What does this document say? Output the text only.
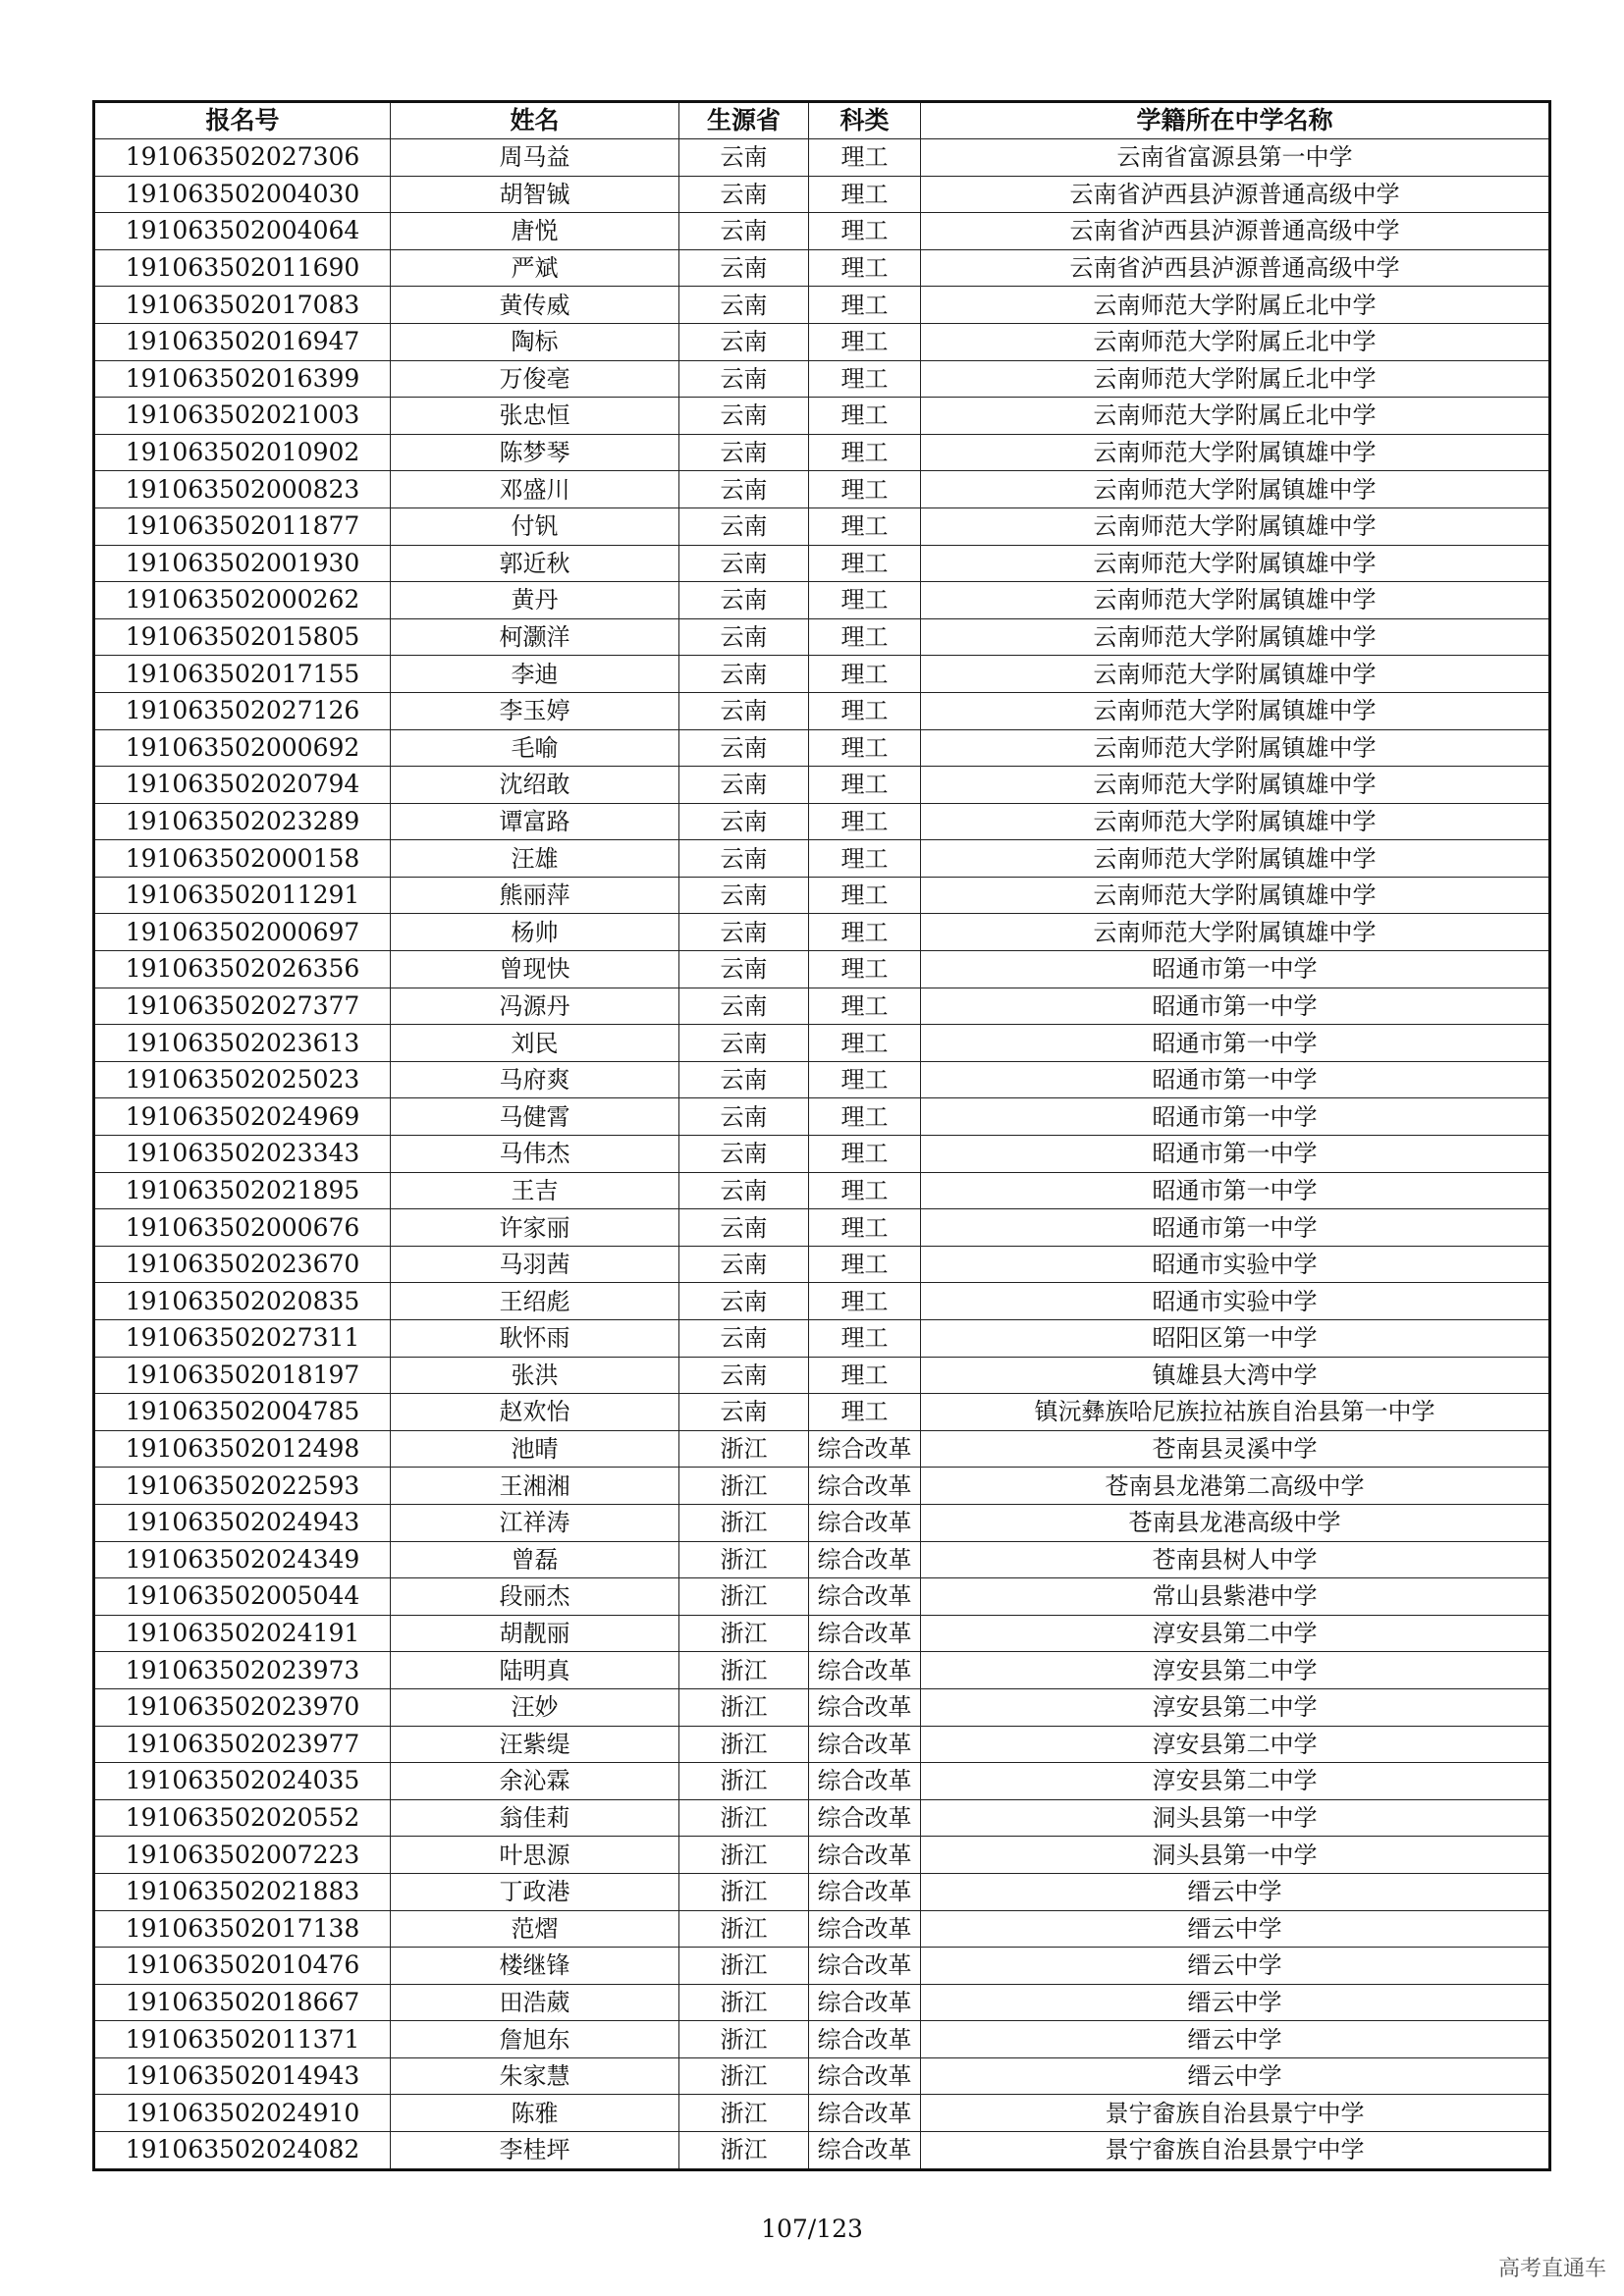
报名号	姓名	生源省	科类	学籍所在中学名称
191063502027306	周马益	云南	理工	云南省富源县第一中学
191063502004030	胡智铖	云南	理工	云南省泸西县泸源普通高级中学
191063502004064	唐悦	云南	理工	云南省泸西县泸源普通高级中学
191063502011690	严斌	云南	理工	云南省泸西县泸源普通高级中学
191063502017083	黄传威	云南	理工	云南师范大学附属丘北中学
191063502016947	陶标	云南	理工	云南师范大学附属丘北中学
191063502016399	万俊亳	云南	理工	云南师范大学附属丘北中学
191063502021003	张忠恒	云南	理工	云南师范大学附属丘北中学
191063502010902	陈梦琴	云南	理工	云南师范大学附属镇雄中学
191063502000823	邓盛川	云南	理工	云南师范大学附属镇雄中学
191063502011877	付钒	云南	理工	云南师范大学附属镇雄中学
191063502001930	郭近秋	云南	理工	云南师范大学附属镇雄中学
191063502000262	黄丹	云南	理工	云南师范大学附属镇雄中学
191063502015805	柯灏洋	云南	理工	云南师范大学附属镇雄中学
191063502017155	李迪	云南	理工	云南师范大学附属镇雄中学
191063502027126	李玉婷	云南	理工	云南师范大学附属镇雄中学
191063502000692	毛喻	云南	理工	云南师范大学附属镇雄中学
191063502020794	沈绍敢	云南	理工	云南师范大学附属镇雄中学
191063502023289	谭富路	云南	理工	云南师范大学附属镇雄中学
191063502000158	汪雄	云南	理工	云南师范大学附属镇雄中学
191063502011291	熊丽萍	云南	理工	云南师范大学附属镇雄中学
191063502000697	杨帅	云南	理工	云南师范大学附属镇雄中学
191063502026356	曾现快	云南	理工	昭通市第一中学
191063502027377	冯源丹	云南	理工	昭通市第一中学
191063502023613	刘民	云南	理工	昭通市第一中学
191063502025023	马府爽	云南	理工	昭通市第一中学
191063502024969	马健霄	云南	理工	昭通市第一中学
191063502023343	马伟杰	云南	理工	昭通市第一中学
191063502021895	王吉	云南	理工	昭通市第一中学
191063502000676	许家丽	云南	理工	昭通市第一中学
191063502023670	马羽茜	云南	理工	昭通市实验中学
191063502020835	王绍彪	云南	理工	昭通市实验中学
191063502027311	耿怀雨	云南	理工	昭阳区第一中学
191063502018197	张洪	云南	理工	镇雄县大湾中学
191063502004785	赵欢怡	云南	理工	镇沅彝族哈尼族拉祜族自治县第一中学
191063502012498	池晴	浙江	综合改革	苍南县灵溪中学
191063502022593	王湘湘	浙江	综合改革	苍南县龙港第二高级中学
191063502024943	江祥涛	浙江	综合改革	苍南县龙港高级中学
191063502024349	曾磊	浙江	综合改革	苍南县树人中学
191063502005044	段丽杰	浙江	综合改革	常山县紫港中学
191063502024191	胡靓丽	浙江	综合改革	淳安县第二中学
191063502023973	陆明真	浙江	综合改革	淳安县第二中学
191063502023970	汪妙	浙江	综合改革	淳安县第二中学
191063502023977	汪紫缇	浙江	综合改革	淳安县第二中学
191063502024035	余沁霖	浙江	综合改革	淳安县第二中学
191063502020552	翁佳莉	浙江	综合改革	洞头县第一中学
191063502007223	叶思源	浙江	综合改革	洞头县第一中学
191063502021883	丁政港	浙江	综合改革	缙云中学
191063502017138	范熠	浙江	综合改革	缙云中学
191063502010476	楼继锋	浙江	综合改革	缙云中学
191063502018667	田浩葳	浙江	综合改革	缙云中学
191063502011371	詹旭东	浙江	综合改革	缙云中学
191063502014943	朱家慧	浙江	综合改革	缙云中学
191063502024910	陈雅	浙江	综合改革	景宁畲族自治县景宁中学
191063502024082	李桂坪	浙江	综合改革	景宁畲族自治县景宁中学
107/123
高考直通车
